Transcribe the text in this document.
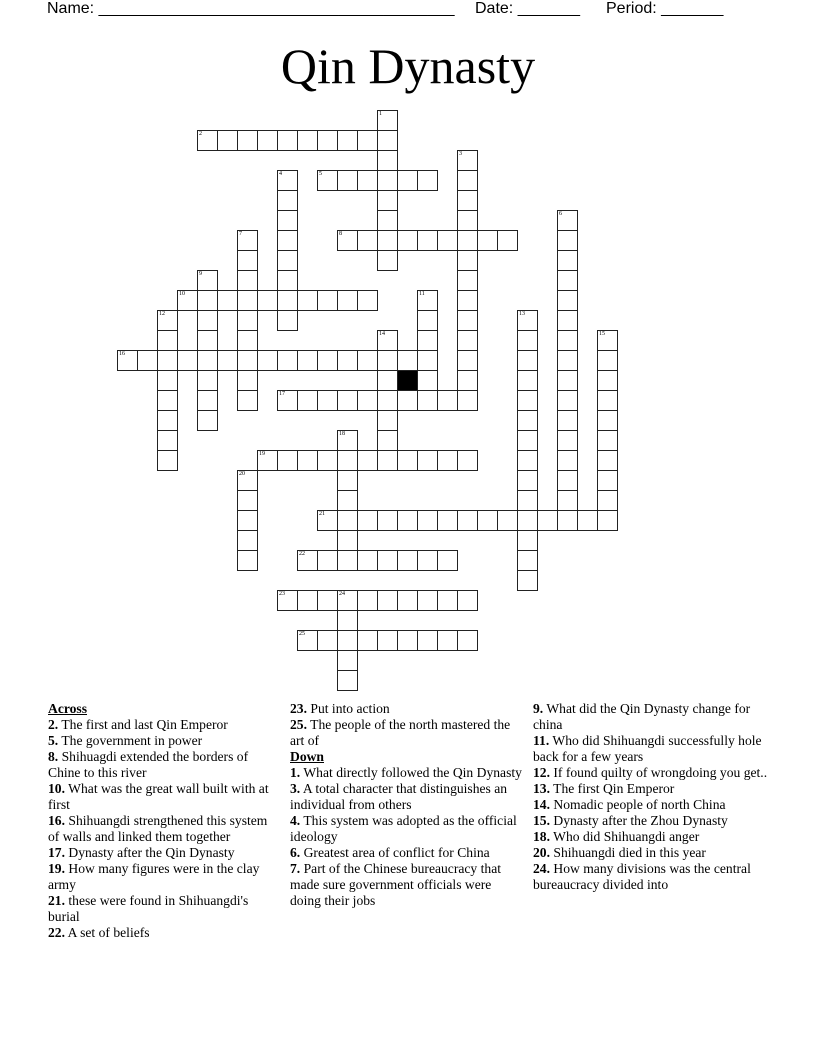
Name: ________________________________________ Date: _______ Period: _______
Qin Dynasty
1
2
3
4	5
6
7	8
9
10	11
12	13
14	15
16
17
18
19
20
21
22
23	24
25
Across
2. The first and last Qin Emperor
5. The government in power
8. Shihuagdi extended the borders of Chine to this river
10. What was the great wall built with at first
16. Shihuangdi strengthened this system of walls and linked them together
17. Dynasty after the Qin Dynasty
19. How many figures were in the clay army
21. these were found in Shihuangdi's burial
22. A set of beliefs
23. Put into action
25. The people of the north mastered the art of
Down
1. What directly followed the Qin Dynasty
3. A total character that distinguishes an individual from others
4. This system was adopted as the official ideology
6. Greatest area of conflict for China
7. Part of the Chinese bureaucracy that made sure government officials were doing their jobs
9. What did the Qin Dynasty change for china
11. Who did Shihuangdi successfully hole back for a few years
12. If found quilty of wrongdoing you get..
13. The first Qin Emperor
14. Nomadic people of north China
15. Dynasty after the Zhou Dynasty
18. Who did Shihuangdi anger
20. Shihuangdi died in this year
24. How many divisions was the central bureaucracy divided into
